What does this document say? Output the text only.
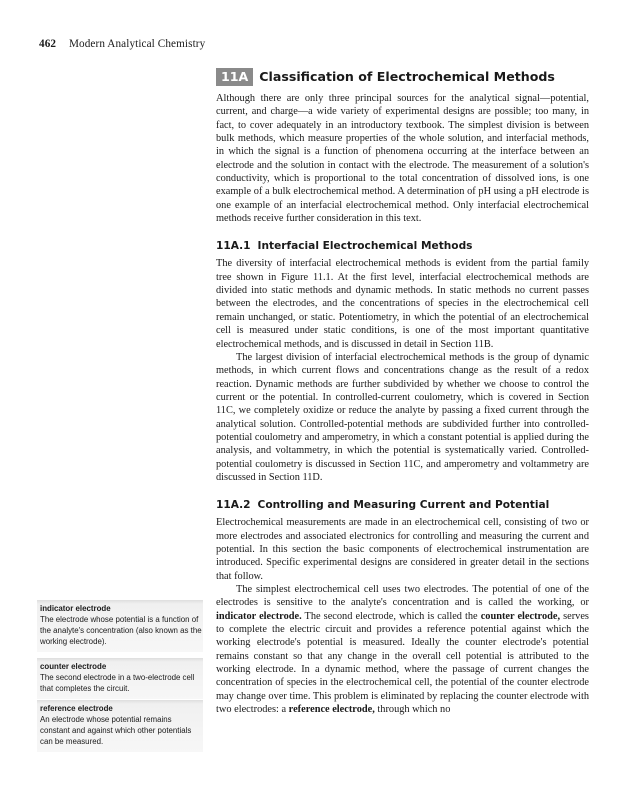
462 Modern Analytical Chemistry
11A Classification of Electrochemical Methods

Although there are only three principal sources for the analytical signal—potential, current, and charge—a wide variety of experimental designs are possible; too many, in fact, to cover adequately in an introductory textbook. The simplest division is between bulk methods, which measure properties of the whole solution, and interfacial methods, in which the signal is a function of phenomena occurring at the interface between an electrode and the solution in contact with the electrode. The measurement of a solution's conductivity, which is proportional to the total concentration of dissolved ions, is one example of a bulk electrochemical method. A determination of pH using a pH electrode is one example of an interfacial electrochemical method. Only interfacial electrochemical methods receive further consideration in this text.

11A.1 Interfacial Electrochemical Methods

The diversity of interfacial electrochemical methods is evident from the partial family tree shown in Figure 11.1. At the first level, interfacial electrochemical methods are divided into static methods and dynamic methods. In static methods no current passes between the electrodes, and the concentrations of species in the electrochemical cell remain unchanged, or static. Potentiometry, in which the potential of an electrochemical cell is measured under static conditions, is one of the most important quantitative electrochemical methods, and is discussed in detail in Section 11B.

The largest division of interfacial electrochemical methods is the group of dynamic methods, in which current flows and concentrations change as the result of a redox reaction. Dynamic methods are further subdivided by whether we choose to control the current or the potential. In controlled-current coulometry, which is covered in Section 11C, we completely oxidize or reduce the analyte by passing a fixed current through the analytical solution. Controlled-potential methods are subdivided further into controlled-potential coulometry and amperometry, in which a constant potential is applied during the analysis, and voltammetry, in which the potential is systematically varied. Controlled-potential coulometry is discussed in Section 11C, and amperometry and voltammetry are discussed in Section 11D.

11A.2 Controlling and Measuring Current and Potential

Electrochemical measurements are made in an electrochemical cell, consisting of two or more electrodes and associated electronics for controlling and measuring the current and potential. In this section the basic components of electrochemical instrumentation are introduced. Specific experimental designs are considered in greater detail in the sections that follow.

The simplest electrochemical cell uses two electrodes. The potential of one of the electrodes is sensitive to the analyte's concentration and is called the working, or indicator electrode. The second electrode, which is called the counter electrode, serves to complete the electric circuit and provides a reference potential against which the working electrode's potential is measured. Ideally the counter electrode's potential remains constant so that any change in the overall cell potential is attributed to the working electrode. In a dynamic method, where the passage of current changes the concentration of species in the electrochemical cell, the potential of the counter electrode may change over time. This problem is eliminated by replacing the counter electrode with two electrodes: a reference electrode, through which no

indicator electrode
The electrode whose potential is a function of the analyte's concentration (also known as the working electrode).
counter electrode
The second electrode in a two-electrode cell that completes the circuit.
reference electrode
An electrode whose potential remains constant and against which other potentials can be measured.
